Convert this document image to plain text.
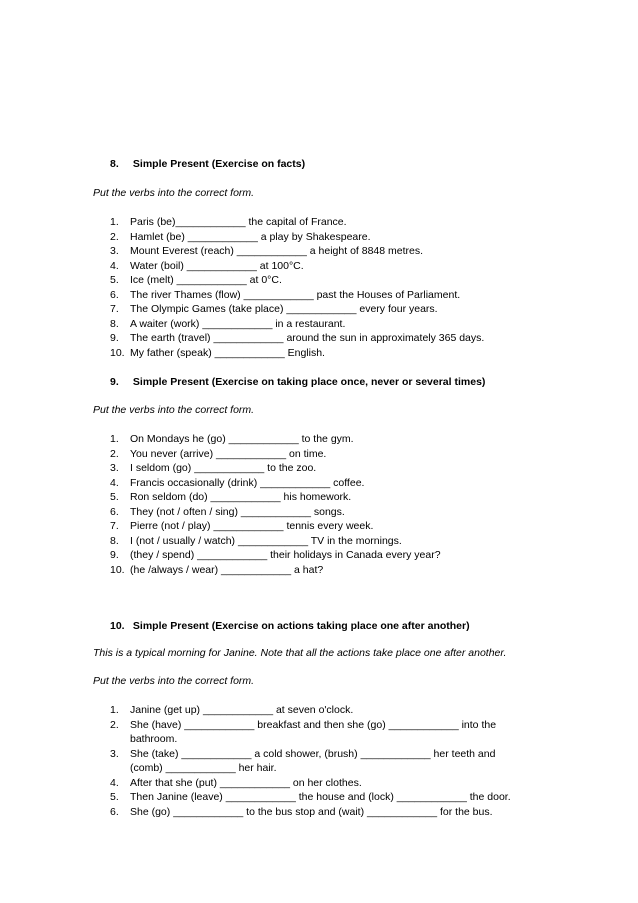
8. Simple Present (Exercise on facts)
Put the verbs into the correct form.
1. Paris (be)____________ the capital of France.
2. Hamlet (be) ____________ a play by Shakespeare.
3. Mount Everest (reach) ____________ a height of 8848 metres.
4. Water (boil) ____________ at 100°C.
5. Ice (melt) ____________ at 0°C.
6. The river Thames (flow) ____________ past the Houses of Parliament.
7. The Olympic Games (take place) ____________ every four years.
8. A waiter (work) ____________ in a restaurant.
9. The earth (travel) ____________ around the sun in approximately 365 days.
10. My father (speak) ____________ English.
9. Simple Present (Exercise on taking place once, never or several times)
Put the verbs into the correct form.
1. On Mondays he (go) ____________ to the gym.
2. You never (arrive) ____________ on time.
3. I seldom (go) ____________ to the zoo.
4. Francis occasionally (drink) ____________ coffee.
5. Ron seldom (do) ____________ his homework.
6. They (not / often / sing) ____________ songs.
7. Pierre (not / play) ____________ tennis every week.
8. I (not / usually / watch) ____________ TV in the mornings.
9. (they / spend) ____________ their holidays in Canada every year?
10. (he /always / wear) ____________ a hat?
10. Simple Present (Exercise on actions taking place one after another)
This is a typical morning for Janine. Note that all the actions take place one after another.
Put the verbs into the correct form.
1. Janine (get up) ____________ at seven o'clock.
2. She (have) ____________ breakfast and then she (go) ____________ into the bathroom.
3. She (take) ____________ a cold shower, (brush) ____________ her teeth and (comb) ____________ her hair.
4. After that she (put) ____________ on her clothes.
5. Then Janine (leave) ____________ the house and (lock) ____________ the door.
6. She (go) ____________ to the bus stop and (wait) ____________ for the bus.
